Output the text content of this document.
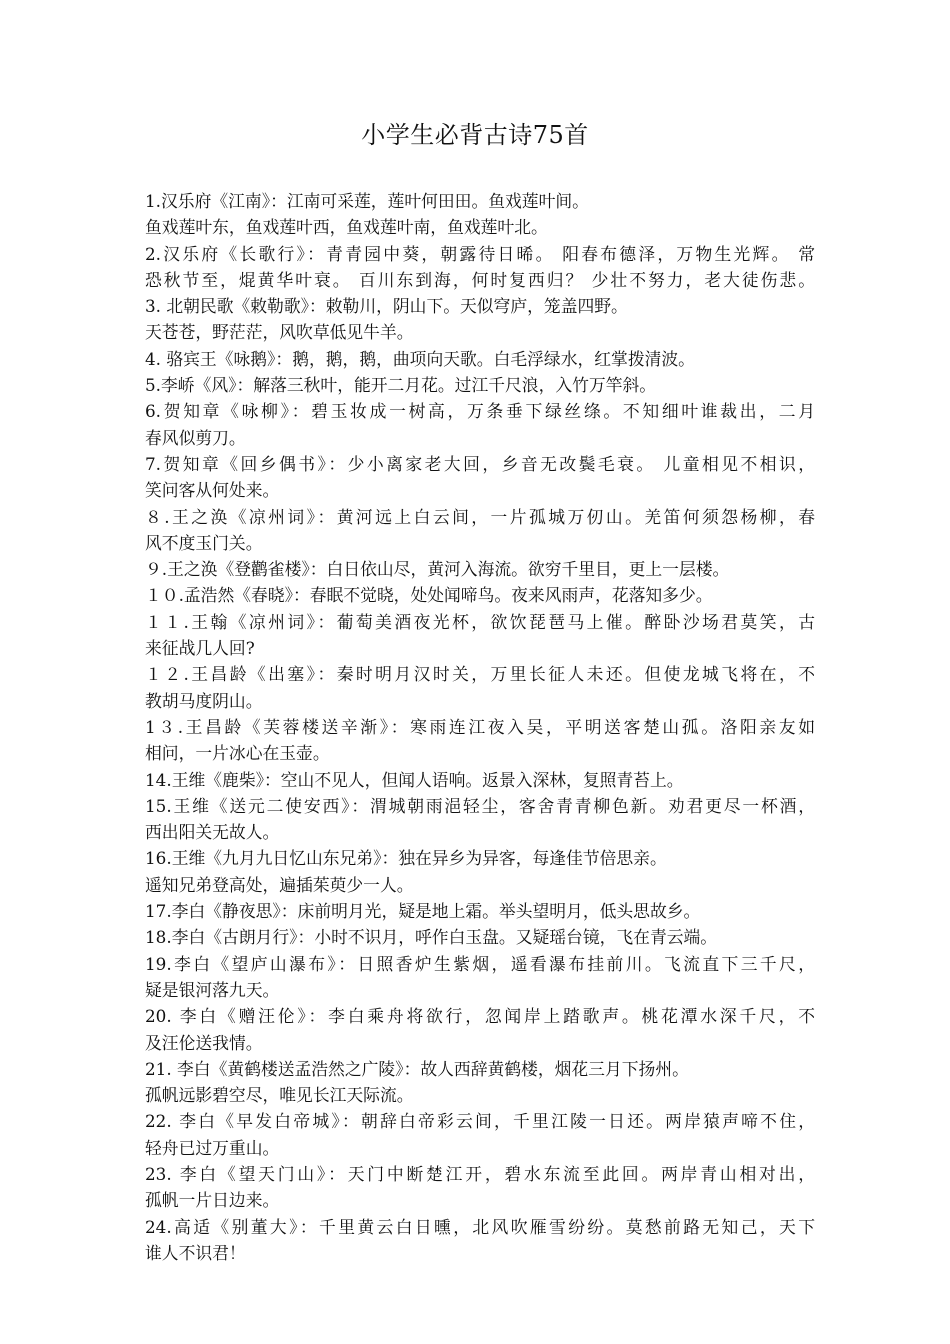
小学生必背古诗75首
1.汉乐府《江南》：江南可采莲，莲叶何田田。鱼戏莲叶间。
鱼戏莲叶东，鱼戏莲叶西，鱼戏莲叶南，鱼戏莲叶北。
2.汉乐府《长歌行》：青青园中葵，朝露待日晞。 阳春布德泽，万物生光辉。 常
恐秋节至，焜黄华叶衰。 百川东到海，何时复西归？ 少壮不努力，老大徒伤悲。
3. 北朝民歌《敕勒歌》：敕勒川，阴山下。天似穹庐，笼盖四野。
天苍苍，野茫茫，风吹草低见牛羊。
4. 骆宾王《咏鹅》：鹅，鹅，鹅，曲项向天歌。白毛浮绿水，红掌拨清波。
5.李峤《风》：解落三秋叶，能开二月花。过江千尺浪，入竹万竿斜。
6.贺知章《咏柳》：碧玉妆成一树高，万条垂下绿丝绦。不知细叶谁裁出，二月
春风似剪刀。
7.贺知章《回乡偶书》：少小离家老大回，乡音无改鬓毛衰。 儿童相见不相识，
笑问客从何处来。
８.王之涣《凉州词》：黄河远上白云间，一片孤城万仞山。羌笛何须怨杨柳，春
风不度玉门关。
９.王之涣《登鹳雀楼》：白日依山尽，黄河入海流。欲穷千里目，更上一层楼。
１０.孟浩然《春晓》：春眠不觉晓，处处闻啼鸟。夜来风雨声，花落知多少。
１１.王翰《凉州词》：葡萄美酒夜光杯，欲饮琵琶马上催。醉卧沙场君莫笑，古
来征战几人回?
１２.王昌龄《出塞》：秦时明月汉时关，万里长征人未还。但使龙城飞将在，不
教胡马度阴山。
1３.王昌龄《芙蓉楼送辛渐》：寒雨连江夜入吴，平明送客楚山孤。洛阳亲友如
相问，一片冰心在玉壶。
14.王维《鹿柴》：空山不见人，但闻人语响。返景入深林，复照青苔上。
15.王维《送元二使安西》：渭城朝雨浥轻尘，客舍青青柳色新。劝君更尽一杯酒，
西出阳关无故人。
16.王维《九月九日忆山东兄弟》：独在异乡为异客，每逢佳节倍思亲。
遥知兄弟登高处，遍插茱萸少一人。
17.李白《静夜思》：床前明月光，疑是地上霜。举头望明月，低头思故乡。
18.李白《古朗月行》：小时不识月，呼作白玉盘。又疑瑶台镜，飞在青云端。
19.李白《望庐山瀑布》：日照香炉生紫烟，遥看瀑布挂前川。飞流直下三千尺，
疑是银河落九天。
20. 李白《赠汪伦》：李白乘舟将欲行，忽闻岸上踏歌声。桃花潭水深千尺，不
及汪伦送我情。
21. 李白《黄鹤楼送孟浩然之广陵》：故人西辞黄鹤楼，烟花三月下扬州。
孤帆远影碧空尽，唯见长江天际流。
22. 李白《早发白帝城》：朝辞白帝彩云间，千里江陵一日还。两岸猿声啼不住，
轻舟已过万重山。
23. 李白《望天门山》：天门中断楚江开，碧水东流至此回。两岸青山相对出，
孤帆一片日边来。
24.高适《别董大》：千里黄云白日曛，北风吹雁雪纷纷。莫愁前路无知己，天下
谁人不识君！
